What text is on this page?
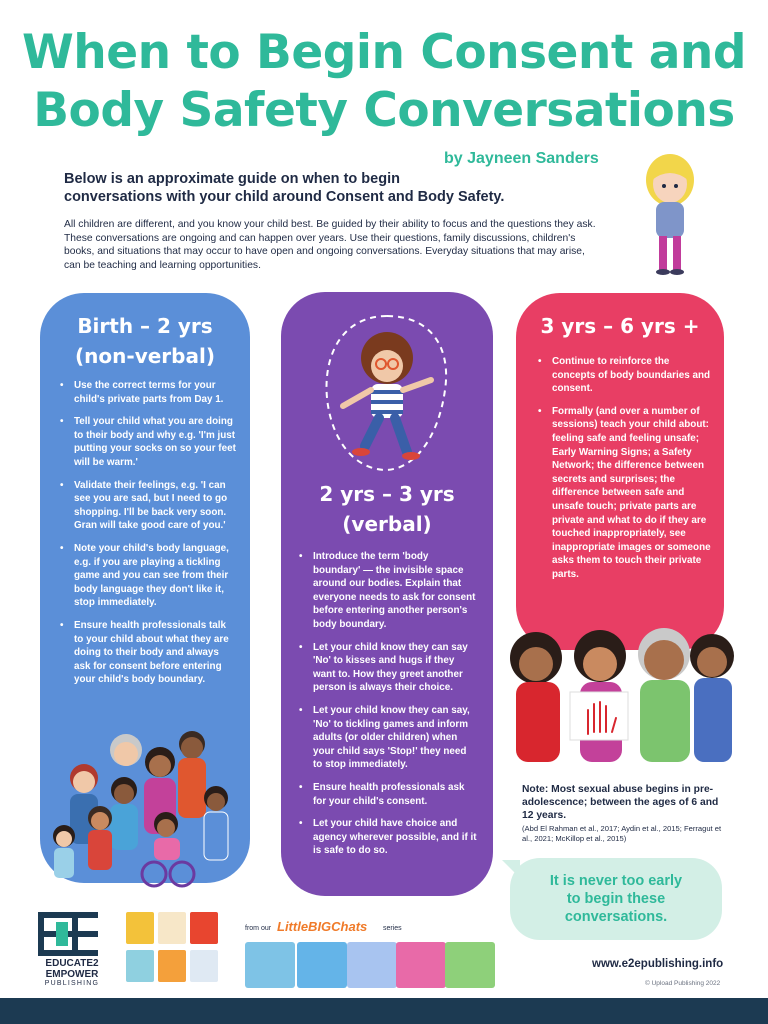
When to Begin Consent and
Body Safety Conversations
by Jayneen Sanders
Below is an approximate guide on when to begin
conversations with your child around Consent and Body Safety.
All children are different, and you know your child best. Be guided by their ability to focus and the questions they ask. These conversations are ongoing and can happen over years. Use their questions, family discussions, children's books, and situations that may occur to have open and ongoing conversations. Everyday situations that may arise, can be teaching and learning opportunities.
Birth – 2 yrs
(non-verbal)
• Use the correct terms for your child's private parts from Day 1.
• Tell your child what you are doing to their body and why e.g. 'I'm just putting your socks on so your feet will be warm.'
• Validate their feelings, e.g. 'I can see you are sad, but I need to go shopping. I'll be back very soon. Gran will take good care of you.'
• Note your child's body language, e.g. if you are playing a tickling game and you can see from their body language they don't like it, stop immediately.
• Ensure health professionals talk to your child about what they are doing to their body and always ask for consent before entering your child's body boundary.
2 yrs – 3 yrs
(verbal)
• Introduce the term 'body boundary' — the invisible space around our bodies. Explain that everyone needs to ask for consent before entering another person's body boundary.
• Let your child know they can say 'No' to kisses and hugs if they want to. How they greet another person is always their choice.
• Let your child know they can say, 'No' to tickling games and inform adults (or older children) when your child says 'Stop!' they need to stop immediately.
• Ensure health professionals ask for your child's consent.
• Let your child have choice and agency wherever possible, and if it is safe to do so.
3 yrs – 6 yrs +
• Continue to reinforce the concepts of body boundaries and consent.
• Formally (and over a number of sessions) teach your child about: feeling safe and feeling unsafe; Early Warning Signs; a Safety Network; the difference between secrets and surprises; the difference between safe and unsafe touch; private parts are private and what to do if they are touched inappropriately, see inappropriate images or someone asks them to touch their private parts.
Note: Most sexual abuse begins in pre-adolescence; between the ages of 6 and 12 years.
(Abd El Rahman et al., 2017; Aydin et al., 2015; Ferragut et al., 2021; McKillop et al., 2015)
It is never too early
to begin these
conversations.
EDUCATE2
EMPOWER
PUBLISHING
from our LittleBIGChats series
www.e2epublishing.info
© Upload Publishing 2022
